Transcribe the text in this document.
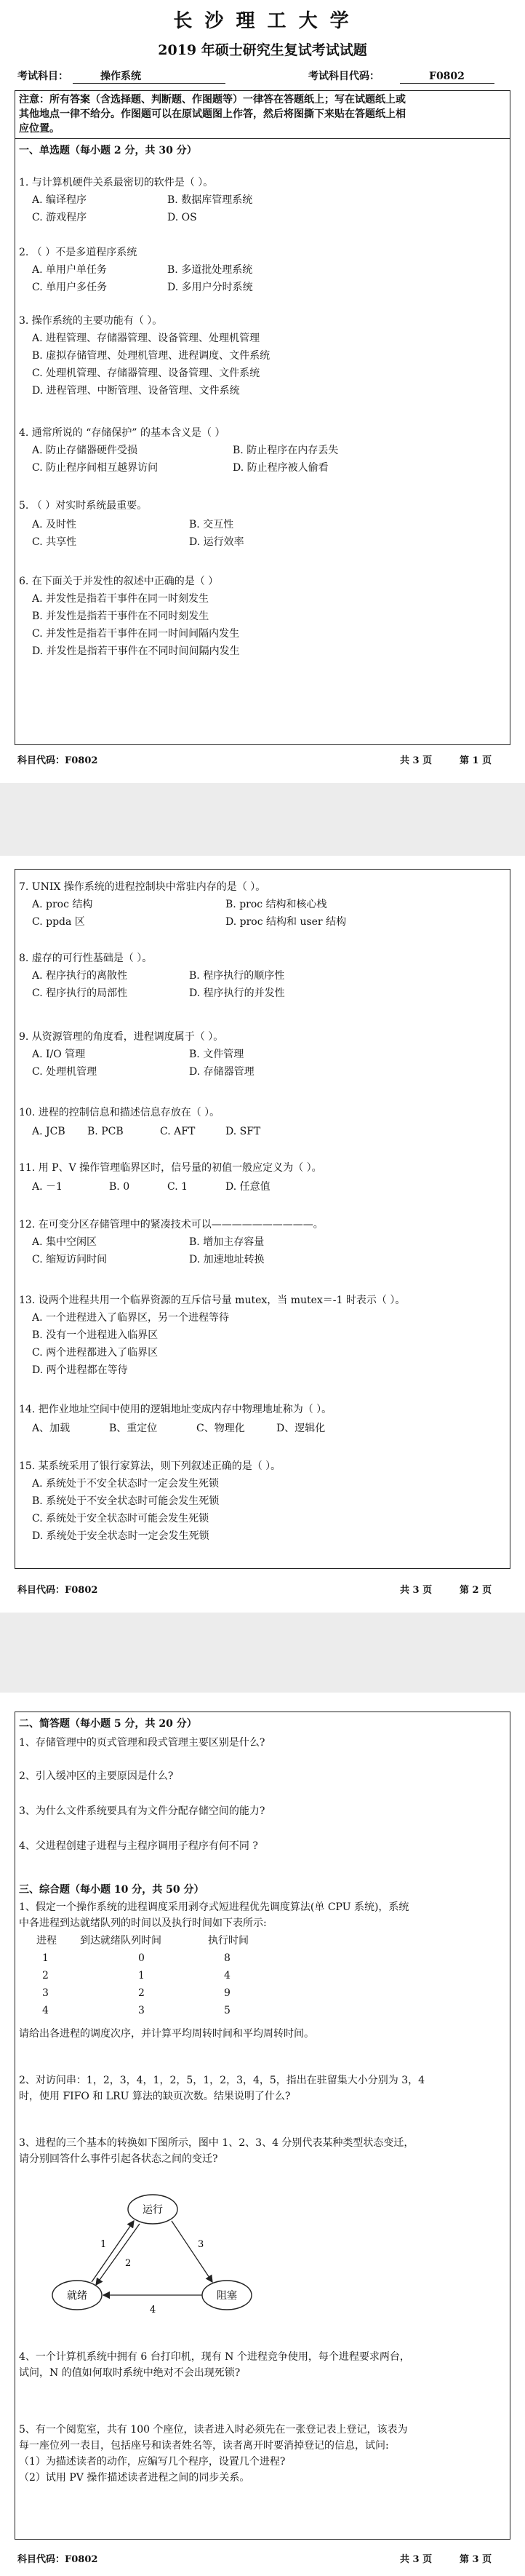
长 沙 理 工 大 学
2019 年硕士研究生复试考试试题
考试科目：	操作系统	考试科目代码：	F0802
注意：所有答案（含选择题、判断题、作图题等）一律答在答题纸上；写在试题纸上或
其他地点一律不给分。作图题可以在原试题图上作答，然后将图撕下来贴在答题纸上相
应位置。
一、单选题（每小题 2 分，共 30 分）
1. 与计算机硬件关系最密切的软件是（ ）。
A. 编译程序	B. 数据库管理系统
C. 游戏程序	D. OS
2. （ ）不是多道程序系统
A. 单用户单任务	B. 多道批处理系统
C. 单用户多任务	D. 多用户分时系统
3. 操作系统的主要功能有（ ）。
A. 进程管理、存储器管理、设备管理、处理机管理
B. 虚拟存储管理、处理机管理、进程调度、文件系统
C. 处理机管理、存储器管理、设备管理、文件系统
D. 进程管理、中断管理、设备管理、文件系统
4. 通常所说的 “存储保护” 的基本含义是（ ）
A. 防止存储器硬件受损	B. 防止程序在内存丢失
C. 防止程序间相互越界访问	D. 防止程序被人偷看
5. （ ）对实时系统最重要。
A. 及时性	B. 交互性
C. 共享性	D. 运行效率
6. 在下面关于并发性的叙述中正确的是（ ）
A. 并发性是指若干事件在同一时刻发生
B. 并发性是指若干事件在不同时刻发生
C. 并发性是指若干事件在同一时间间隔内发生
D. 并发性是指若干事件在不同时间间隔内发生
科目代码：F0802	共 3 页	第 1 页
7. UNIX 操作系统的进程控制块中常驻内存的是（ ）。
A. proc 结构	B. proc 结构和核心栈
C. ppda 区	D. proc 结构和 user 结构
8. 虚存的可行性基础是（ ）。
A. 程序执行的离散性	B. 程序执行的顺序性
C. 程序执行的局部性	D. 程序执行的并发性
9. 从资源管理的角度看，进程调度属于（ ）。
A. I/O 管理	B. 文件管理
C. 处理机管理	D. 存储器管理
10. 进程的控制信息和描述信息存放在（ ）。
A. JCB B. PCB	C. AFT	D. SFT
11. 用 P、V 操作管理临界区时，信号量的初值一般应定义为（ ）。
A. －1	B. 0	C. 1	D. 任意值
12. 在可变分区存储管理中的紧凑技术可以——————————。
A. 集中空闲区	B. 增加主存容量
C. 缩短访问时间	D. 加速地址转换
13. 设两个进程共用一个临界资源的互斥信号量 mutex，当 mutex＝-1 时表示（ ）。
A. 一个进程进入了临界区，另一个进程等待
B. 没有一个进程进入临界区
C. 两个进程都进入了临界区
D. 两个进程都在等待
14. 把作业地址空间中使用的逻辑地址变成内存中物理地址称为（ ）。
A、加载	B、重定位	C、物理化	D、逻辑化
15. 某系统采用了银行家算法，则下列叙述正确的是（ ）。
A. 系统处于不安全状态时一定会发生死锁
B. 系统处于不安全状态时可能会发生死锁
C. 系统处于安全状态时可能会发生死锁
D. 系统处于安全状态时一定会发生死锁
科目代码：F0802	共 3 页	第 2 页
二、简答题（每小题 5 分，共 20 分）
1、存储管理中的页式管理和段式管理主要区别是什么?
2、引入缓冲区的主要原因是什么?
3、为什么文件系统要具有为文件分配存储空间的能力?
4、父进程创建子进程与主程序调用子程序有何不同 ?
三、综合题（每小题 10 分，共 50 分）
1、假定一个操作系统的进程调度采用剥夺式短进程优先调度算法(单 CPU 系统)，系统
中各进程到达就绪队列的时间以及执行时间如下表所示:
进程 到达就绪队列时间	执行时间
1	0	8
2	1	4
3	2	9
4	3	5
请给出各进程的调度次序，并计算平均周转时间和平均周转时间。
2、对访问串：1，2，3，4，1，2，5，1，2，3，4，5，指出在驻留集大小分别为 3，4
时，使用 FIFO 和 LRU 算法的缺页次数。结果说明了什么?
3、进程的三个基本的转换如下图所示，图中 1、2、3、4 分别代表某种类型状态变迁，
请分别回答什么事件引起各状态之间的变迁?
运行
就绪	阻塞
1
2
3
4
4、一个计算机系统中拥有 6 台打印机，现有 N 个进程竞争使用，每个进程要求两台，
试问，N 的值如何取时系统中绝对不会出现死锁?
5、有一个阅览室，共有 100 个座位，读者进入时必须先在一张登记表上登记，该表为
每一座位列一表目，包括座号和读者姓名等，读者离开时要消掉登记的信息，试问:
（1）为描述读者的动作，应编写几个程序，设置几个进程?
（2）试用 PV 操作描述读者进程之间的同步关系。
科目代码：F0802	共 3 页	第 3 页
